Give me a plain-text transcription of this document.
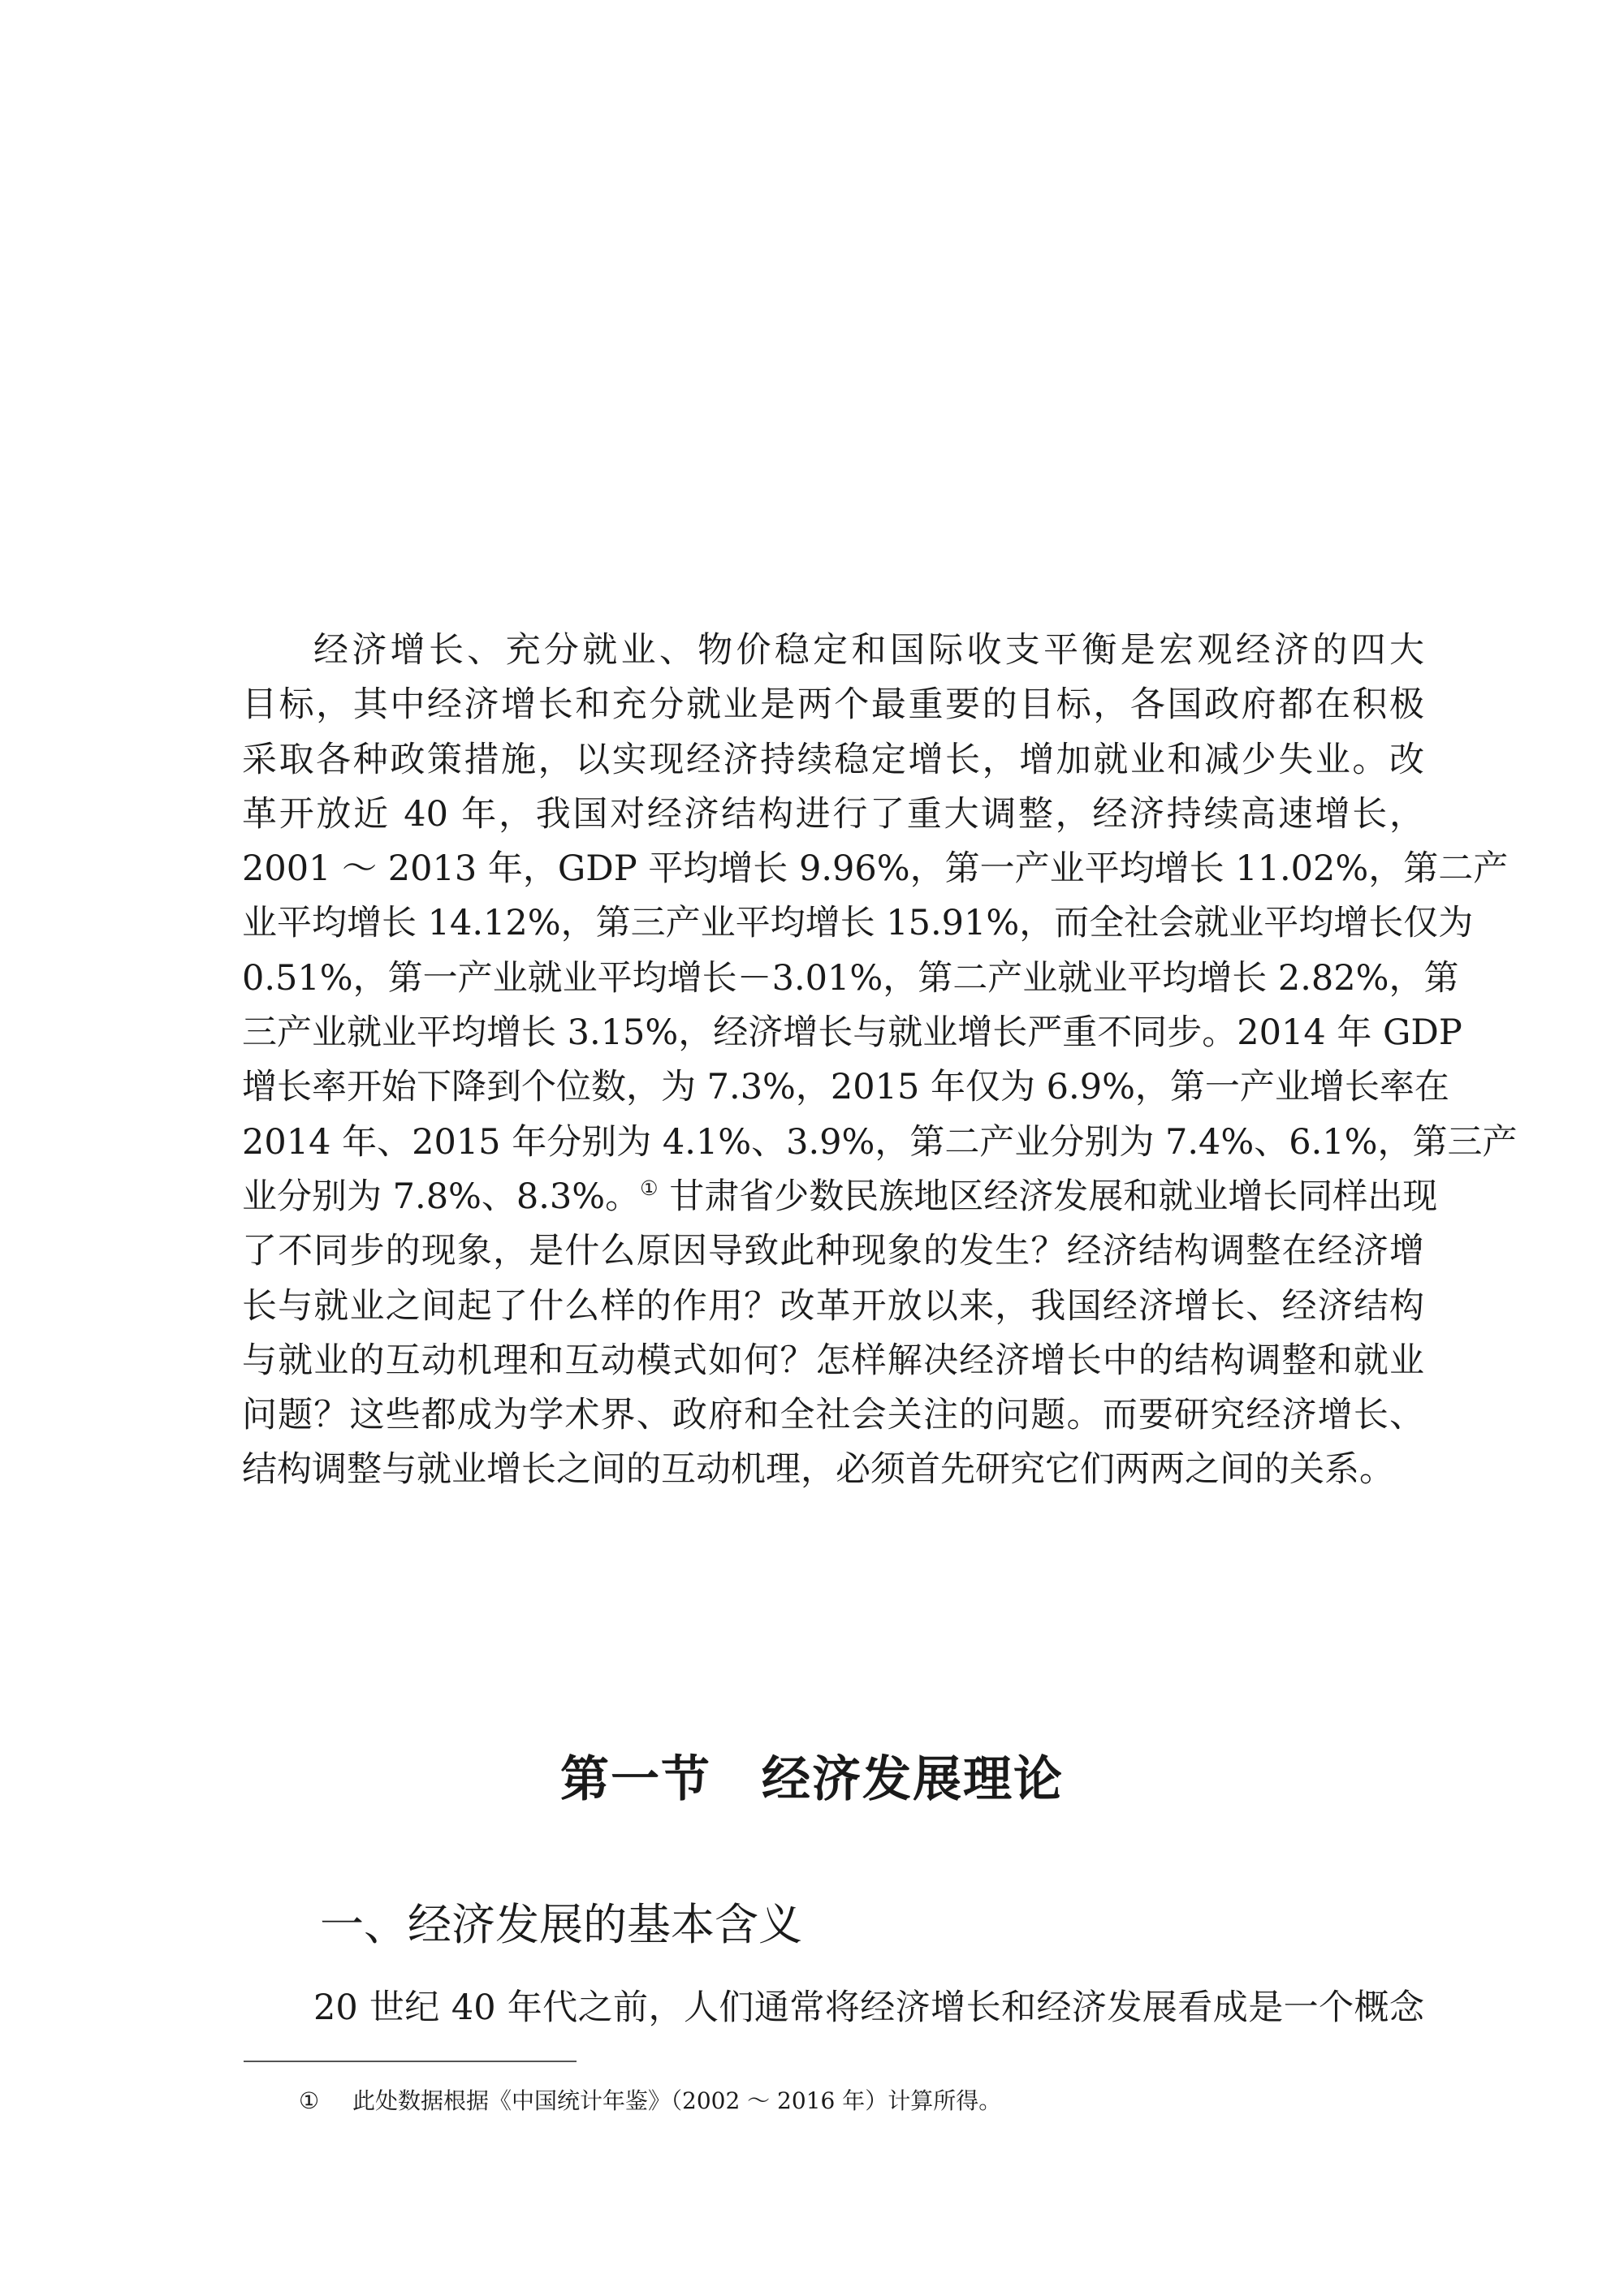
经济增长、充分就业、物价稳定和国际收支平衡是宏观经济的四大
目标，其中经济增长和充分就业是两个最重要的目标，各国政府都在积极
采取各种政策措施，以实现经济持续稳定增长，增加就业和减少失业。改
革开放近 40 年，我国对经济结构进行了重大调整，经济持续高速增长，
2001 ～ 2013 年，GDP 平均增长 9.96%，第一产业平均增长 11.02%，第二产
业平均增长 14.12%，第三产业平均增长 15.91%，而全社会就业平均增长仅为
0.51%，第一产业就业平均增长－3.01%，第二产业就业平均增长 2.82%，第
三产业就业平均增长 3.15%，经济增长与就业增长严重不同步。2014 年 GDP
增长率开始下降到个位数，为 7.3%，2015 年仅为 6.9%，第一产业增长率在
2014 年、2015 年分别为 4.1%、3.9%，第二产业分别为 7.4%、6.1%，第三产
业分别为 7.8%、8.3%。① 甘肃省少数民族地区经济发展和就业增长同样出现
了不同步的现象，是什么原因导致此种现象的发生？经济结构调整在经济增
长与就业之间起了什么样的作用？改革开放以来，我国经济增长、经济结构
与就业的互动机理和互动模式如何？怎样解决经济增长中的结构调整和就业
问题？这些都成为学术界、政府和全社会关注的问题。而要研究经济增长、
结构调整与就业增长之间的互动机理，必须首先研究它们两两之间的关系。
第一节　经济发展理论
一、经济发展的基本含义
20 世纪 40 年代之前，人们通常将经济增长和经济发展看成是一个概念
① 此处数据根据《中国统计年鉴》（2002 ～ 2016 年）计算所得。
